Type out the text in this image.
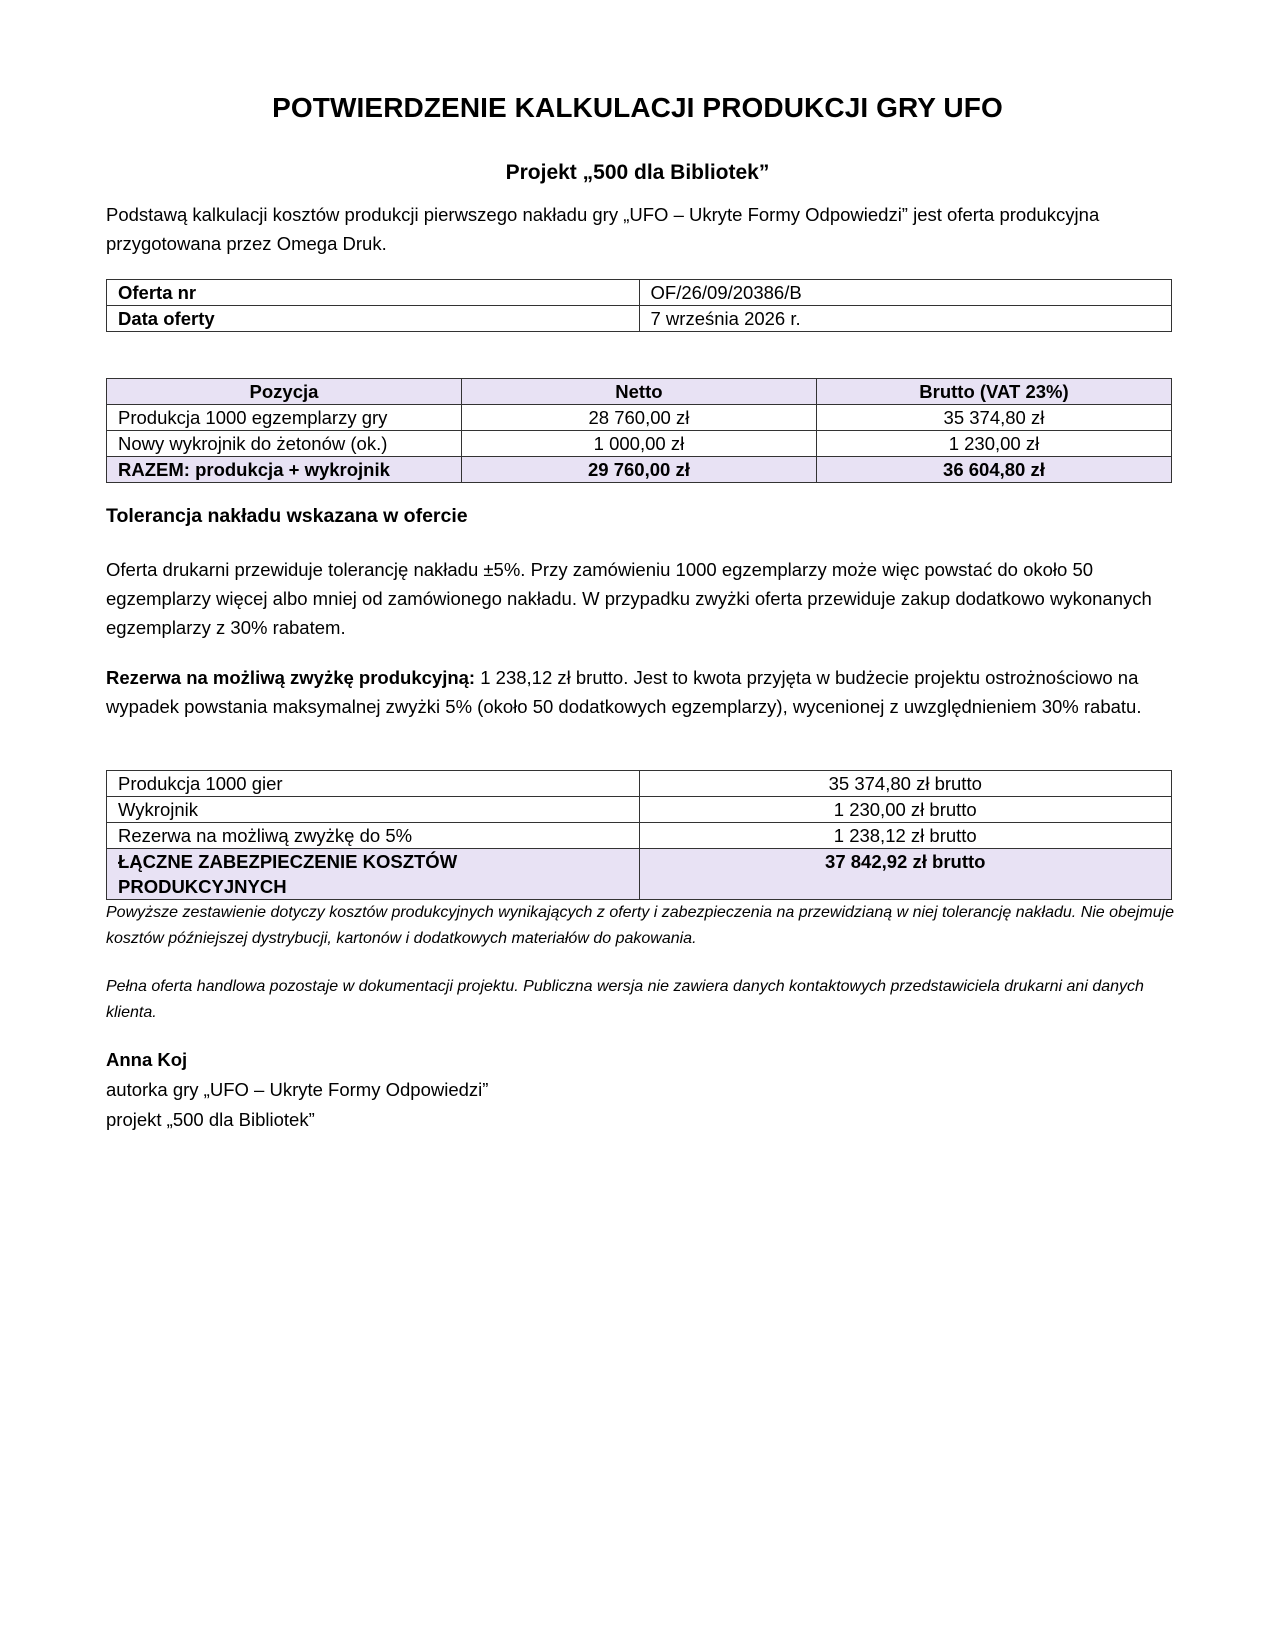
POTWIERDZENIE KALKULACJI PRODUKCJI GRY UFO
Projekt „500 dla Bibliotek”

Podstawą kalkulacji kosztów produkcji pierwszego nakładu gry „UFO – Ukryte Formy Odpowiedzi” jest oferta produkcyjna przygotowana przez Omega Druk.

Oferta nr	OF/26/09/20386/B
Data oferty	7 września 2026 r.
Pozycja	Netto	Brutto (VAT 23%)
Produkcja 1000 egzemplarzy gry	28 760,00 zł	35 374,80 zł
Nowy wykrojnik do żetonów (ok.)	1 000,00 zł	1 230,00 zł
RAZEM: produkcja + wykrojnik	29 760,00 zł	36 604,80 zł
Tolerancja nakładu wskazana w ofercie

Oferta drukarni przewiduje tolerancję nakładu ±5%. Przy zamówieniu 1000 egzemplarzy może więc powstać do około 50 egzemplarzy więcej albo mniej od zamówionego nakładu. W przypadku zwyżki oferta przewiduje zakup dodatkowo wykonanych egzemplarzy z 30% rabatem.

Rezerwa na możliwą zwyżkę produkcyjną: 1 238,12 zł brutto. Jest to kwota przyjęta w budżecie projektu ostrożnościowo na wypadek powstania maksymalnej zwyżki 5% (około 50 dodatkowych egzemplarzy), wycenionej z uwzględnieniem 30% rabatu.

Produkcja 1000 gier	35 374,80 zł brutto
Wykrojnik	1 230,00 zł brutto
Rezerwa na możliwą zwyżkę do 5%	1 238,12 zł brutto

ŁĄCZNE ZABEZPIECZENIE KOSZTÓW
PRODUKCYJNYCH	37 842,92 zł brutto

Powyższe zestawienie dotyczy kosztów produkcyjnych wynikających z oferty i zabezpieczenia na przewidzianą w niej tolerancję nakładu. Nie obejmuje kosztów późniejszej dystrybucji, kartonów i dodatkowych materiałów do pakowania.

Pełna oferta handlowa pozostaje w dokumentacji projektu. Publiczna wersja nie zawiera danych kontaktowych przedstawiciela drukarni ani danych klienta.

Anna Koj
autorka gry „UFO – Ukryte Formy Odpowiedzi”
projekt „500 dla Bibliotek”
